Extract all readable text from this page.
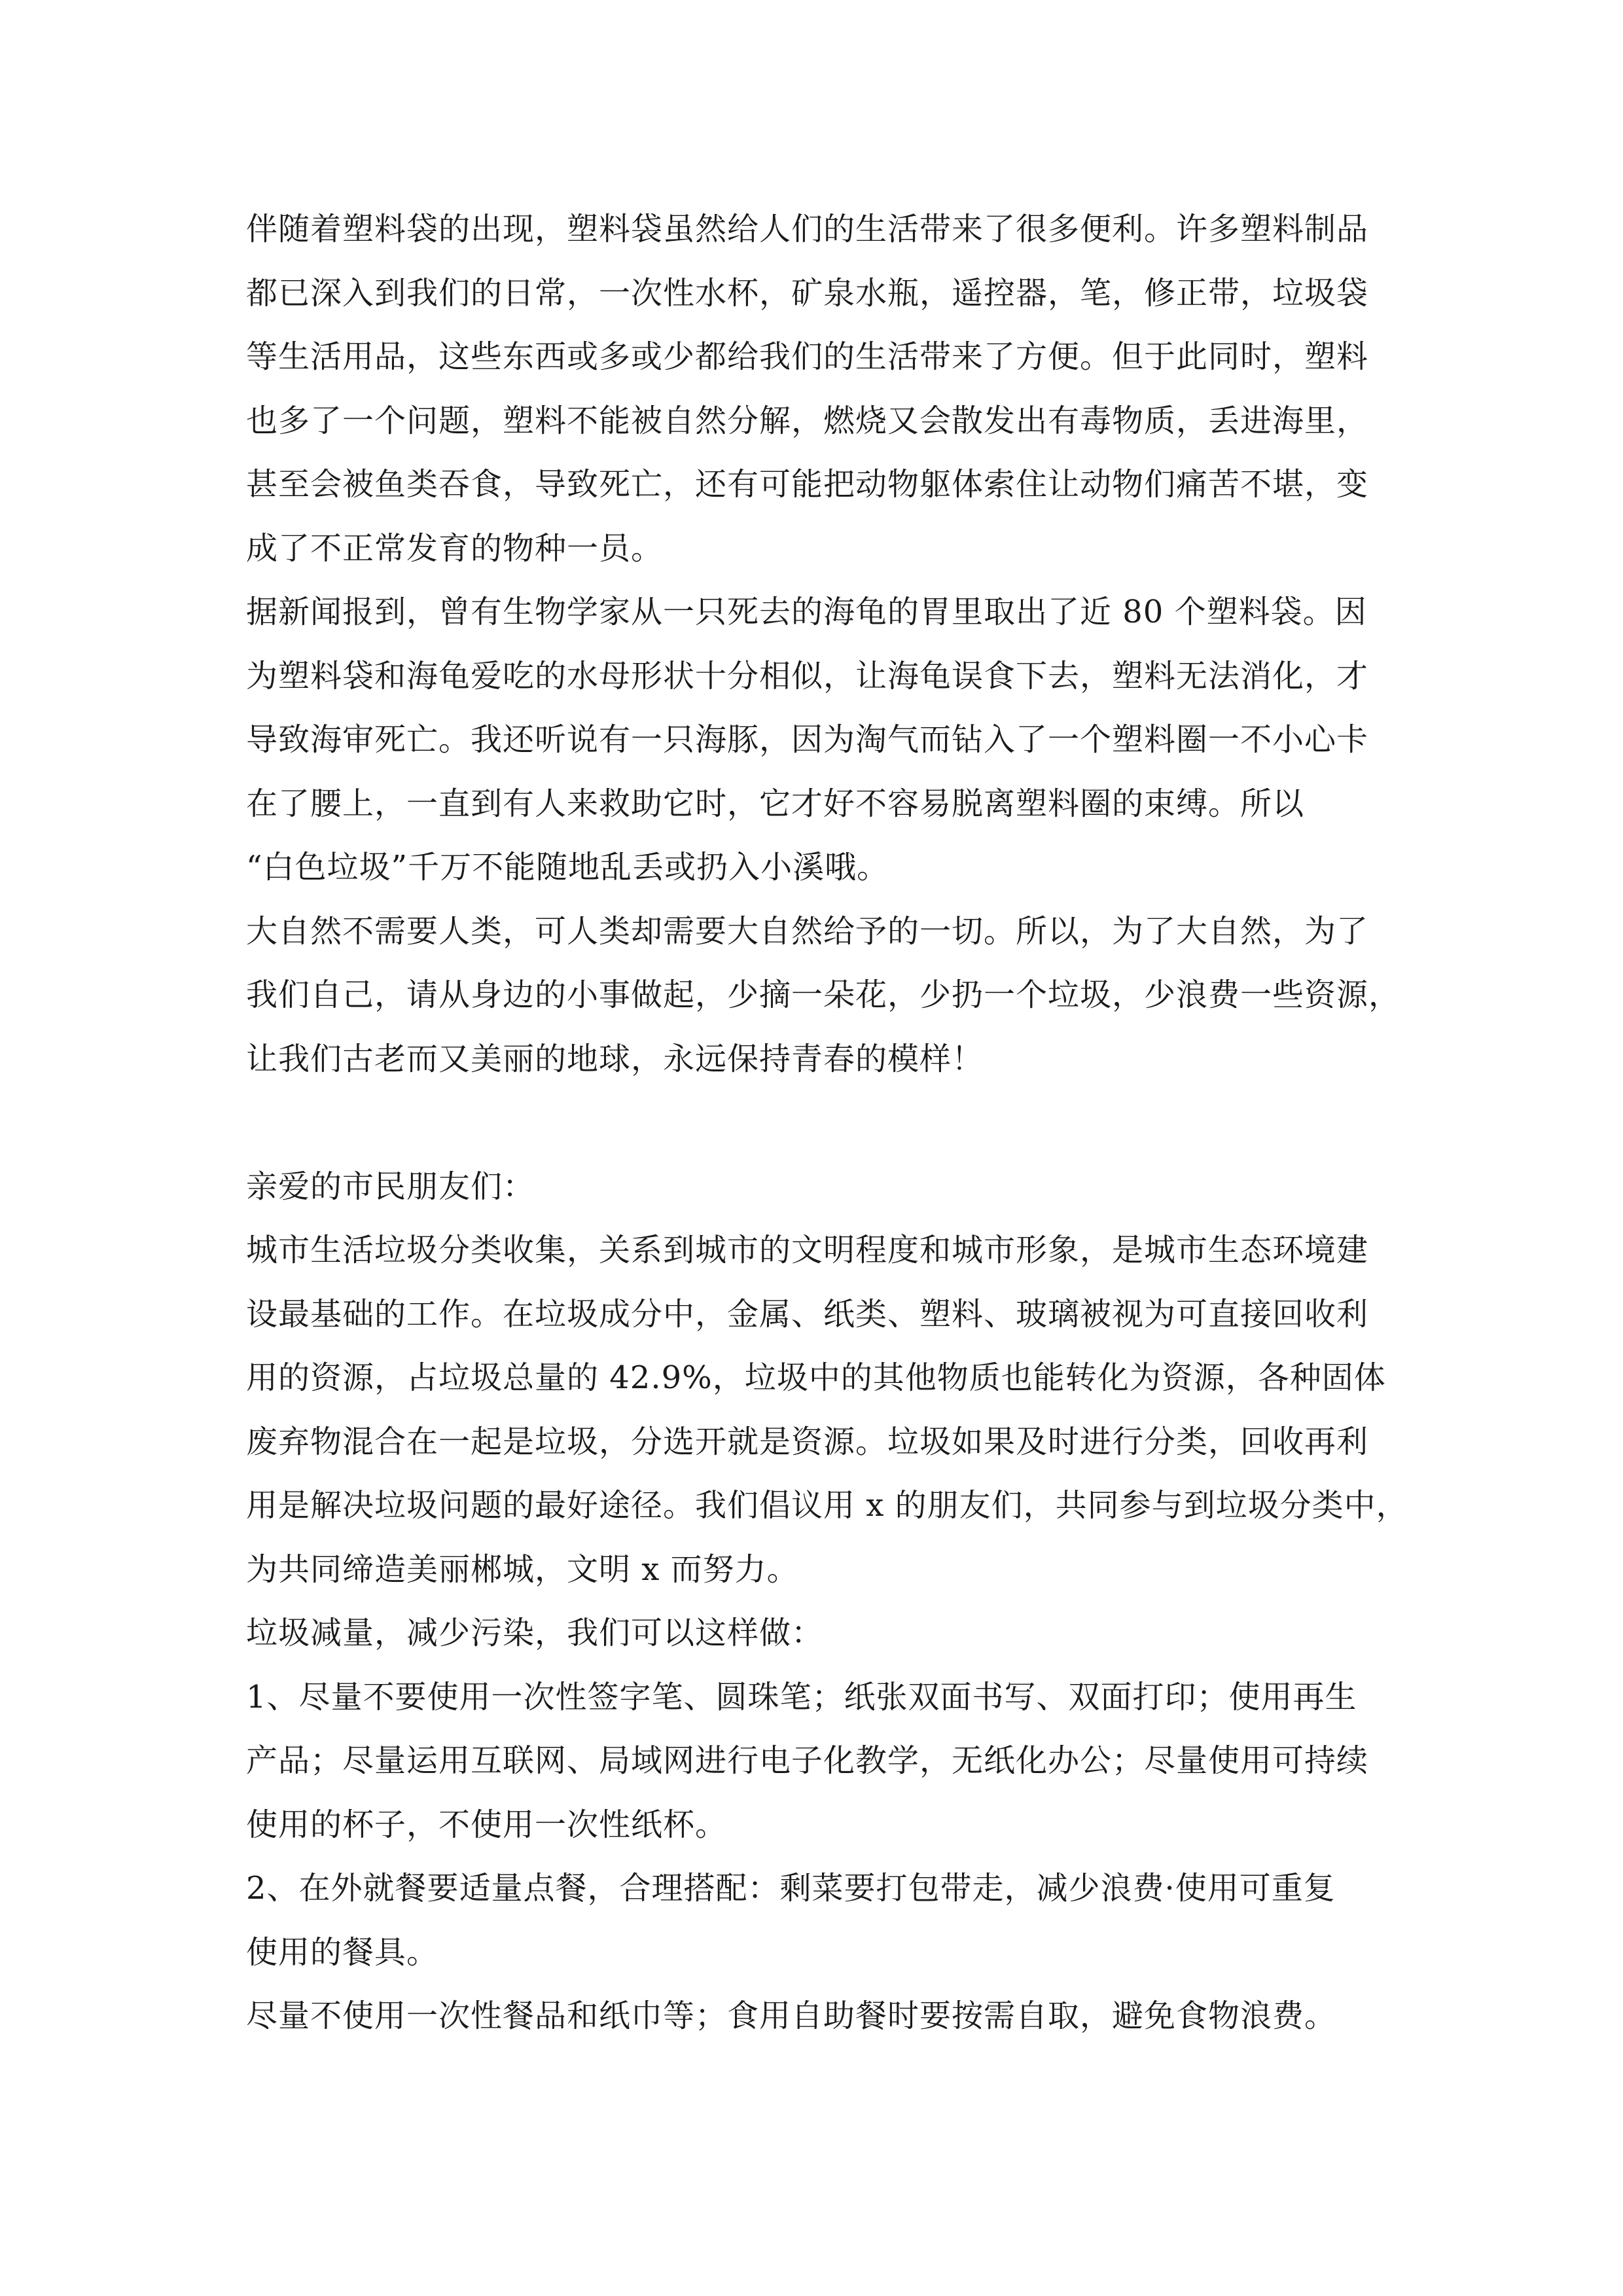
伴随着塑料袋的出现，塑料袋虽然给人们的生活带来了很多便利。许多塑料制品
都已深入到我们的日常，一次性水杯，矿泉水瓶，遥控器，笔，修正带，垃圾袋
等生活用品，这些东西或多或少都给我们的生活带来了方便。但于此同时，塑料
也多了一个问题，塑料不能被自然分解，燃烧又会散发出有毒物质，丢进海里，
甚至会被鱼类吞食，导致死亡，还有可能把动物躯体索住让动物们痛苦不堪，变
成了不正常发育的物种一员。
据新闻报到，曾有生物学家从一只死去的海龟的胃里取出了近 80 个塑料袋。因
为塑料袋和海龟爱吃的水母形状十分相似，让海龟误食下去，塑料无法消化，才
导致海审死亡。我还听说有一只海豚，因为淘气而钻入了一个塑料圈一不小心卡
在了腰上，一直到有人来救助它时，它才好不容易脱离塑料圈的束缚。所以
“白色垃圾”千万不能随地乱丢或扔入小溪哦。
大自然不需要人类，可人类却需要大自然给予的一切。所以，为了大自然，为了
我们自己，请从身边的小事做起，少摘一朵花，少扔一个垃圾，少浪费一些资源，
让我们古老而又美丽的地球，永远保持青春的模样！
亲爱的市民朋友们：
城市生活垃圾分类收集，关系到城市的文明程度和城市形象，是城市生态环境建
设最基础的工作。在垃圾成分中，金属、纸类、塑料、玻璃被视为可直接回收利
用的资源，占垃圾总量的 42.9%，垃圾中的其他物质也能转化为资源，各种固体
废弃物混合在一起是垃圾，分选开就是资源。垃圾如果及时进行分类，回收再利
用是解决垃圾问题的最好途径。我们倡议用 x 的朋友们，共同参与到垃圾分类中，
为共同缔造美丽郴城，文明 x 而努力。
垃圾减量，减少污染，我们可以这样做：
1、尽量不要使用一次性签字笔、圆珠笔；纸张双面书写、双面打印；使用再生
产品；尽量运用互联网、局域网进行电子化教学，无纸化办公；尽量使用可持续
使用的杯子，不使用一次性纸杯。
2、在外就餐要适量点餐，合理搭配：剩菜要打包带走，减少浪费·使用可重复
使用的餐具。
尽量不使用一次性餐品和纸巾等；食用自助餐时要按需自取，避免食物浪费。
